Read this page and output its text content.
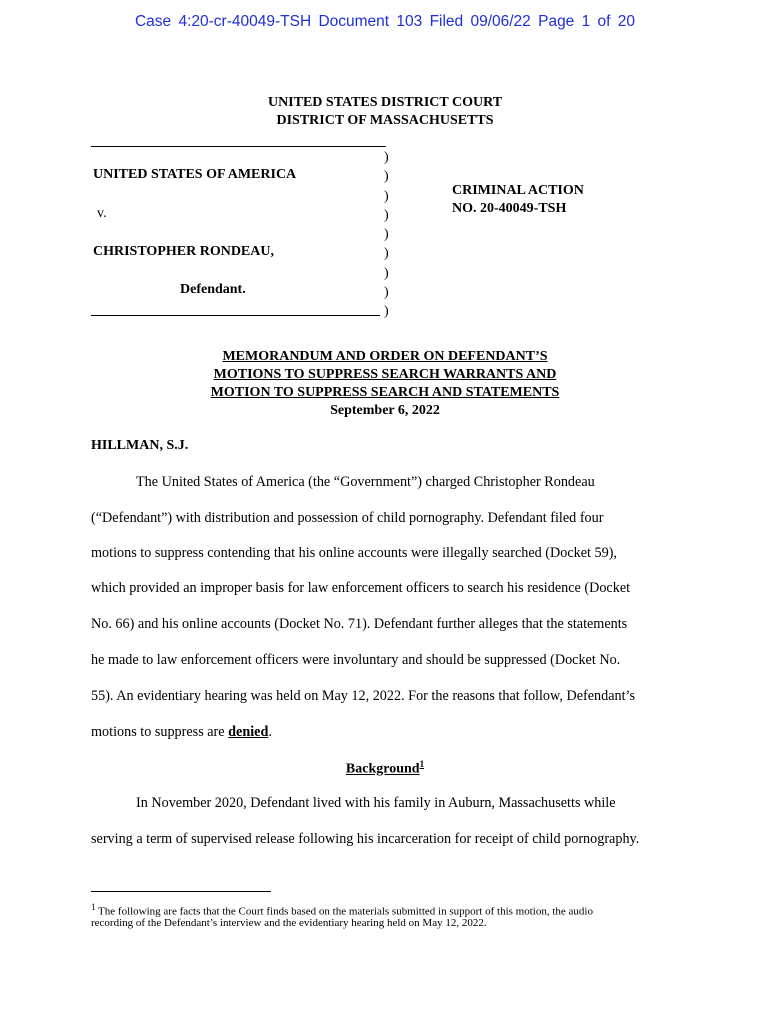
Case 4:20-cr-40049-TSH Document 103 Filed 09/06/22 Page 1 of 20
UNITED STATES DISTRICT COURT
DISTRICT OF MASSACHUSETTS
UNITED STATES OF AMERICA
v.
CHRISTOPHER RONDEAU,
Defendant.
)
)
)
)
)
)
)
)
)
CRIMINAL ACTION
NO. 20-40049-TSH
MEMORANDUM AND ORDER ON DEFENDANT’S
MOTIONS TO SUPPRESS SEARCH WARRANTS AND
MOTION TO SUPPRESS SEARCH AND STATEMENTS
September 6, 2022
HILLMAN, S.J.
The United States of America (the “Government”) charged Christopher Rondeau
(“Defendant”) with distribution and possession of child pornography. Defendant filed four
motions to suppress contending that his online accounts were illegally searched (Docket 59),
which provided an improper basis for law enforcement officers to search his residence (Docket
No. 66) and his online accounts (Docket No. 71). Defendant further alleges that the statements
he made to law enforcement officers were involuntary and should be suppressed (Docket No.
55). An evidentiary hearing was held on May 12, 2022. For the reasons that follow, Defendant’s
motions to suppress are denied.
Background$^1$
In November 2020, Defendant lived with his family in Auburn, Massachusetts while
serving a term of supervised release following his incarceration for receipt of child pornography.
$^1$ The following are facts that the Court finds based on the materials submitted in support of this motion, the audio
recording of the Defendant’s interview and the evidentiary hearing held on May 12, 2022.
